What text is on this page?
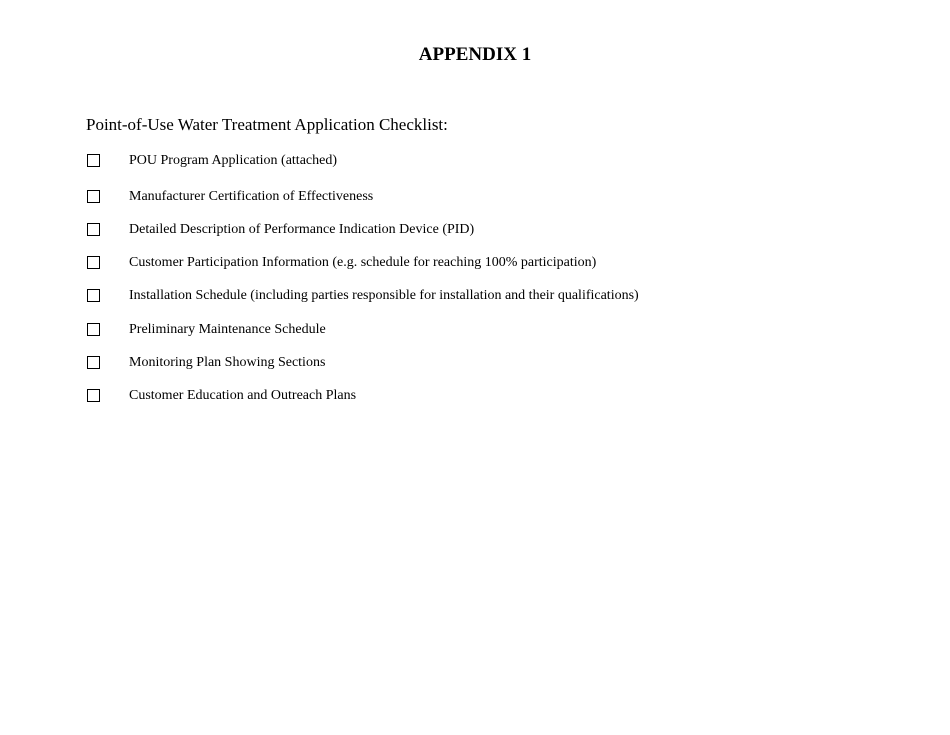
APPENDIX 1
Point-of-Use Water Treatment Application Checklist:
POU Program Application (attached)
Manufacturer Certification of Effectiveness
Detailed Description of Performance Indication Device (PID)
Customer Participation Information (e.g. schedule for reaching 100% participation)
Installation Schedule (including parties responsible for installation and their qualifications)
Preliminary Maintenance Schedule
Monitoring Plan Showing Sections
Customer Education and Outreach Plans
